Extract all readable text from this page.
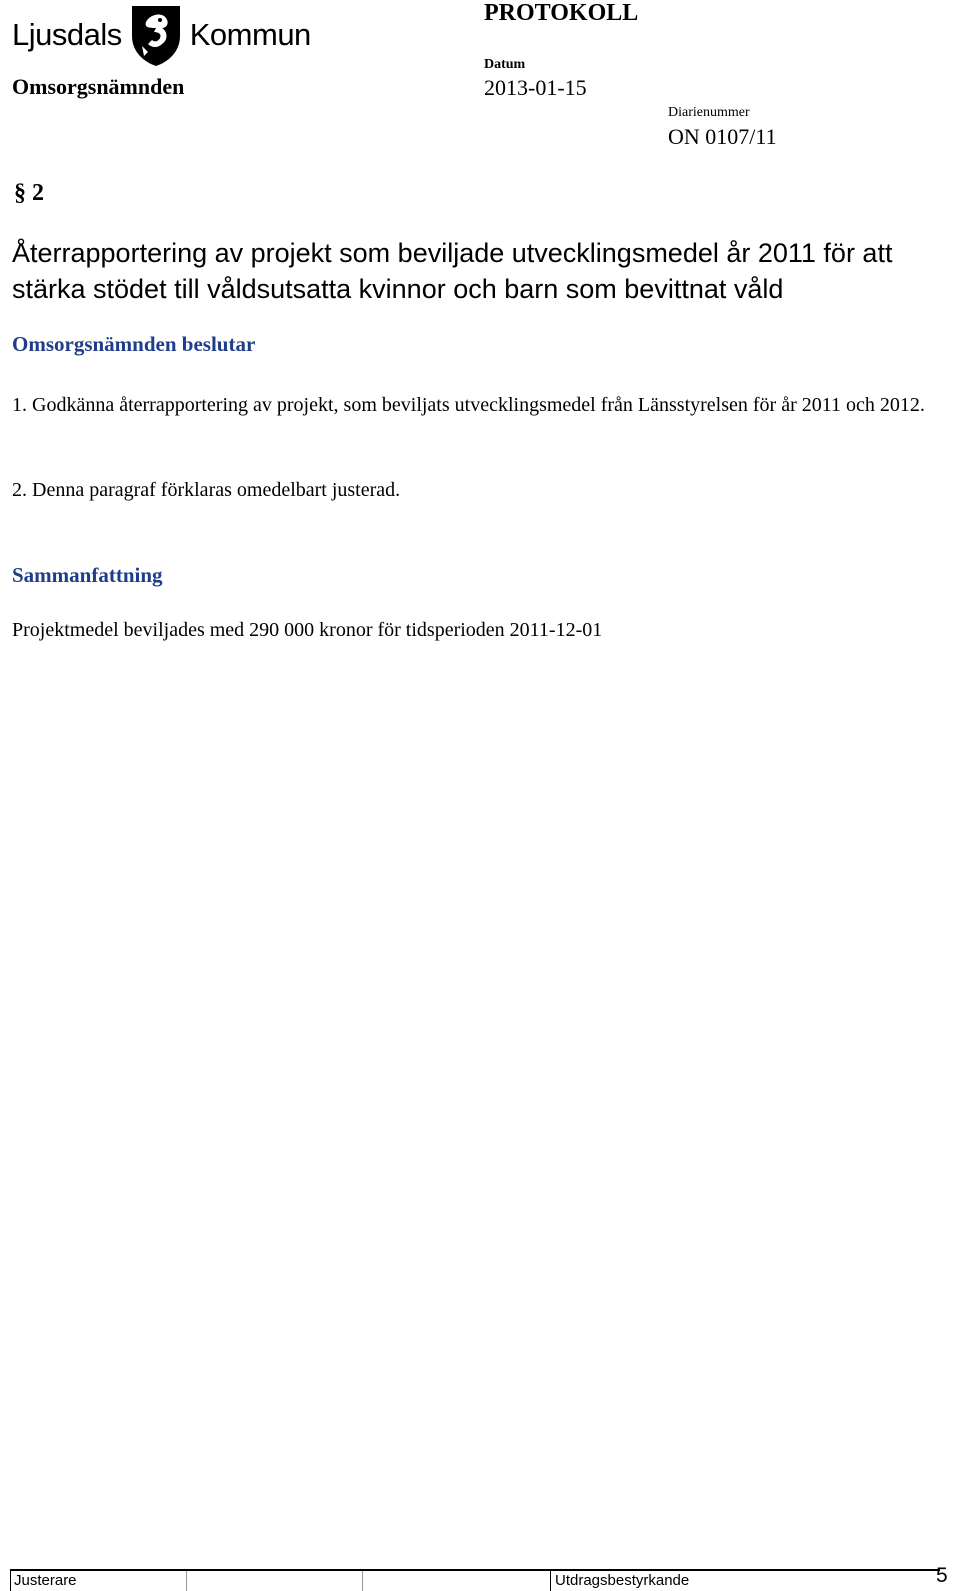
Ljusdals Kommun
PROTOKOLL
Omsorgsnämnden
Datum
2013-01-15
Diarienummer
ON 0107/11
§ 2
Återrapportering av projekt som beviljade utvecklingsmedel år 2011 för att stärka stödet till våldsutsatta kvinnor och barn som bevittnat våld
Omsorgsnämnden beslutar
1. Godkänna återrapportering av projekt, som beviljats utvecklingsmedel från Länsstyrelsen för år 2011 och 2012.
2. Denna paragraf förklaras omedelbart justerad.
Sammanfattning
Projektmedel beviljades med 290 000 kronor för tidsperioden 2011-12-01
Justerare	Utdragsbestyrkande	5
